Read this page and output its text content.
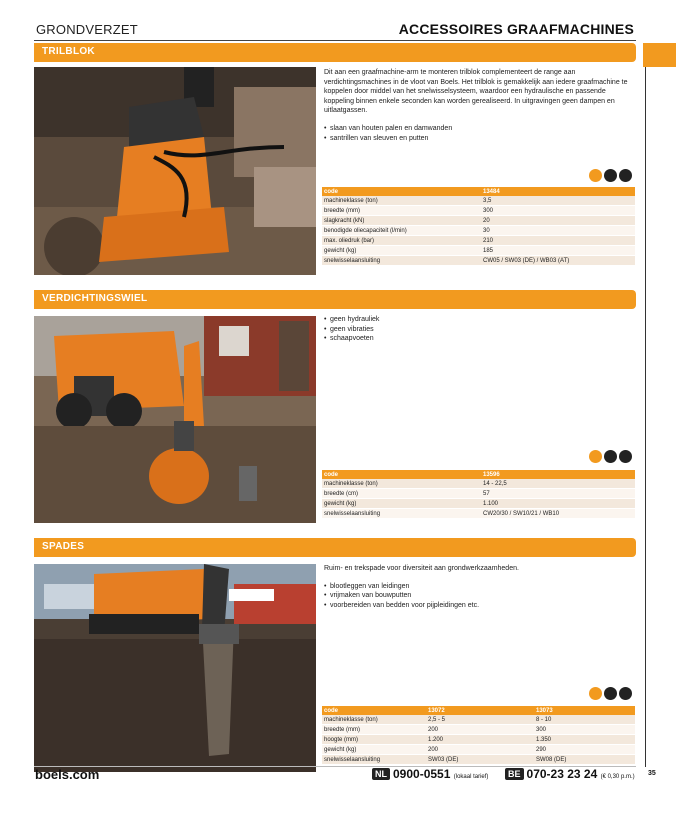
GRONDVERZET	ACCESSOIRES GRAAFMACHINES
TRILBLOK

Dit aan een graafmachine-arm te monteren trilblok complementeert de range aan verdichtingsmachines in de vloot van Boels. Het trilblok is gemakkelijk aan iedere graafmachine te koppelen door middel van het snelwisselsysteem, waardoor een hydraulische en passende koppeling binnen enkele seconden kan worden gerealiseerd. In uitgravingen geen dampen en uitlaatgassen.

• slaan van houten palen en damwanden
• santrillen van sleuven en putten
code	13484
machineklasse (ton)	3,5
breedte (mm)	300
slagkracht (kN)	20
benodigde oliecapaciteit (l/min)	30
max. oliedruk (bar)	210
gewicht (kg)	185
snelwisselaansluiting	CW05 / SW03 (DE) / WB03 (AT)
VERDICHTINGSWIEL
• geen hydrauliek
• geen vibraties
• schaapvoeten
code	13596
machineklasse (ton)	14 - 22,5
breedte (cm)	57
gewicht (kg)	1.100
snelwisselaansluiting	CW20/30 / SW10/21 / WB10
SPADES

Ruim- en trekspade voor diversiteit aan grondwerkzaamheden.

• blootleggen van leidingen
• vrijmaken van bouwputten
• voorbereiden van bedden voor pijpleidingen etc.
code	13072	13073
machineklasse (ton)	2,5 - 5	8 - 10
breedte (mm)	200	300
hoogte (mm)	1.200	1.350
gewicht (kg)	200	290
snelwisselaansluiting	SW03 (DE)	SW08 (DE)
boels.com	NL 0900-0551 (lokaal tarief)	BE 070-23 23 24 (€ 0,30 p.m.) 35
